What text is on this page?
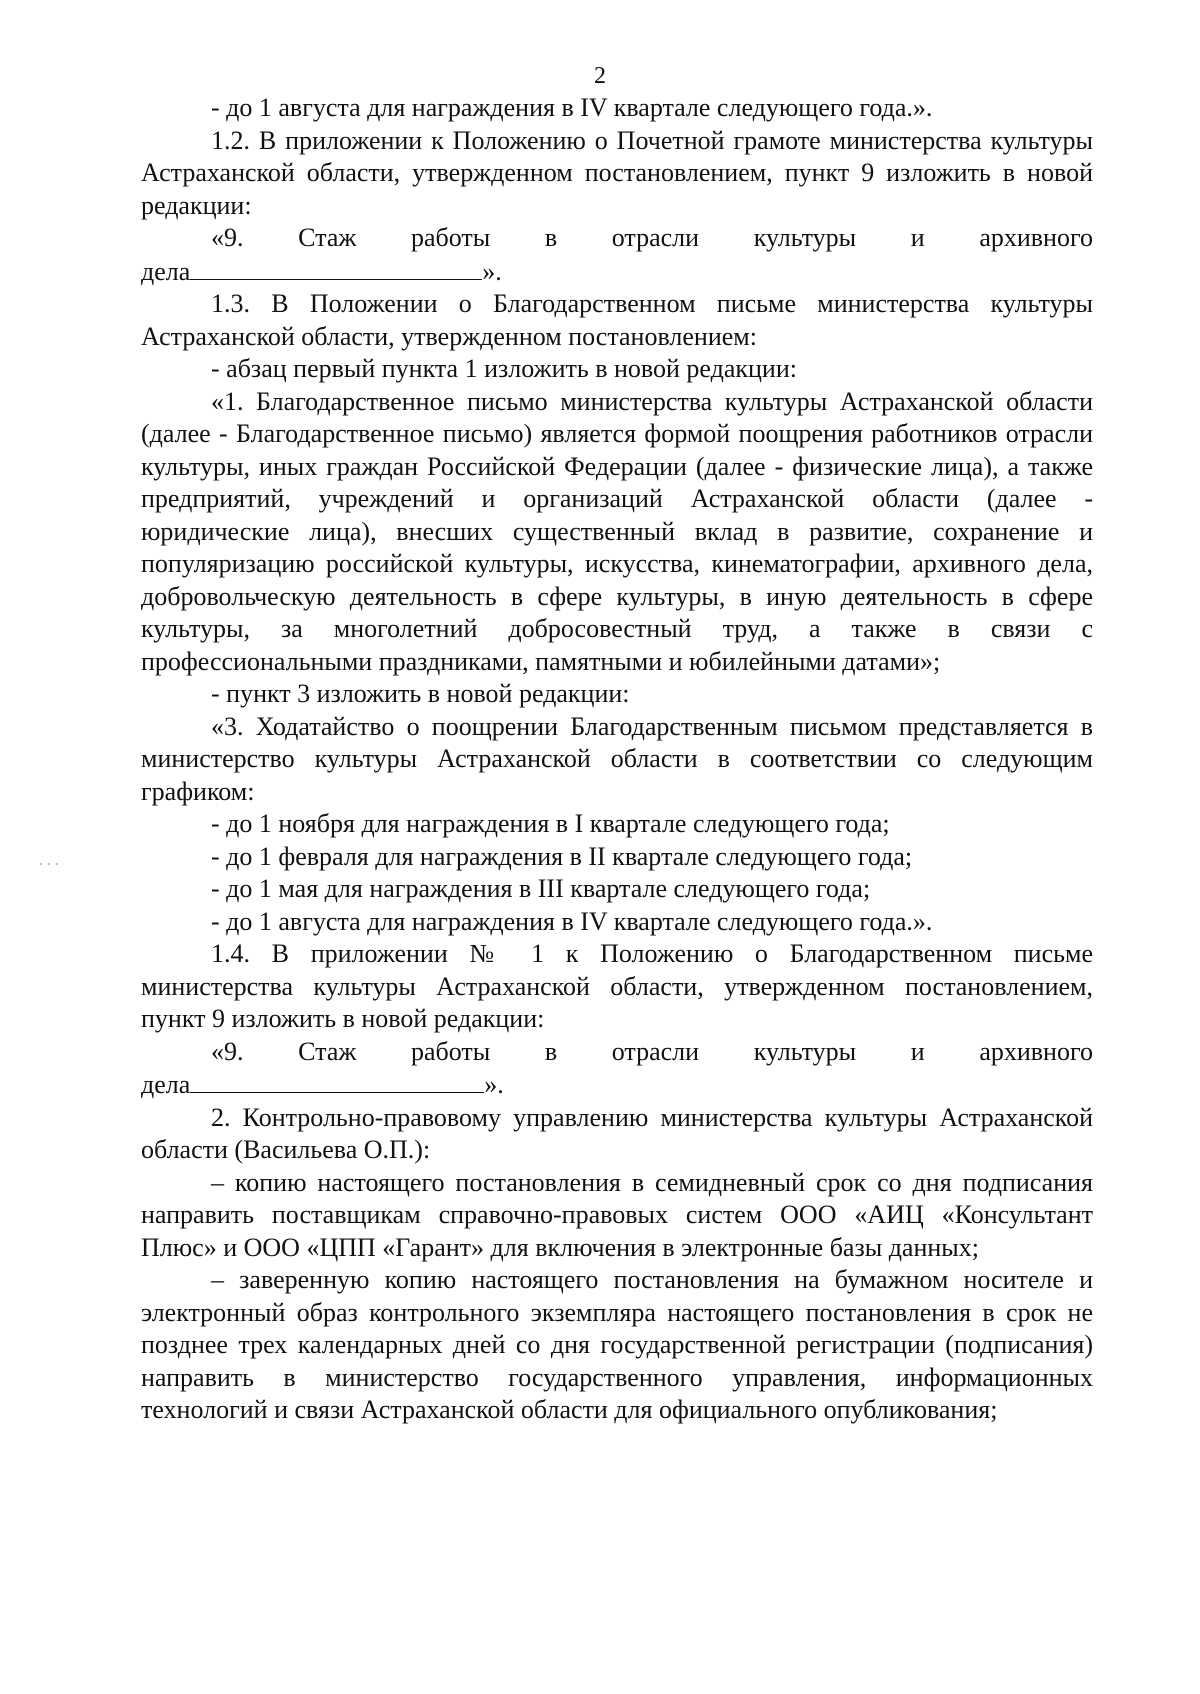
2

- до 1 августа для награждения в IV квартале следующего года.».

1.2. В приложении к Положению о Почетной грамоте министерства культуры Астраханской области, утвержденном постановлением, пункт 9 изложить в новой редакции:

«9. Стаж работы в отрасли культуры и архивного

дела	».

1.3. В Положении о Благодарственном письме министерства культуры Астраханской области, утвержденном постановлением:

- абзац первый пункта 1 изложить в новой редакции:

«1. Благодарственное письмо министерства культуры Астраханской области (далее - Благодарственное письмо) является формой поощрения работников отрасли культуры, иных граждан Российской Федерации (далее - физические лица), а также предприятий, учреждений и организаций Астраханской области (далее - юридические лица), внесших существенный вклад в развитие, сохранение и популяризацию российской культуры, искусства, кинематографии, архивного дела, добровольческую деятельность в сфере культуры, в иную деятельность в сфере культуры, за многолетний добросовестный труд, а также в связи с профессиональными праздниками, памятными и юбилейными датами»;

- пункт 3 изложить в новой редакции:

«3. Ходатайство о поощрении Благодарственным письмом представляется в министерство культуры Астраханской области в соответствии со следующим графиком:

- до 1 ноября для награждения в I квартале следующего года;

- до 1 февраля для награждения в II квартале следующего года;

- до 1 мая для награждения в III квартале следующего года;

- до 1 августа для награждения в IV квартале следующего года.».

1.4. В приложении № 1 к Положению о Благодарственном письме министерства культуры Астраханской области, утвержденном постановлением, пункт 9 изложить в новой редакции:

«9. Стаж работы в отрасли культуры и архивного

дела	».

2. Контрольно-правовому управлению министерства культуры Астраханской области (Васильева О.П.):

– копию настоящего постановления в семидневный срок со дня подписания направить поставщикам справочно-правовых систем ООО «АИЦ «Консультант Плюс» и ООО «ЦПП «Гарант» для включения в электронные базы данных;

– заверенную копию настоящего постановления на бумажном носителе и электронный образ контрольного экземпляра настоящего постановления в срок не позднее трех календарных дней со дня государственной регистрации (подписания) направить в министерство государственного управления, информационных технологий и связи Астраханской области для официального опубликования;
